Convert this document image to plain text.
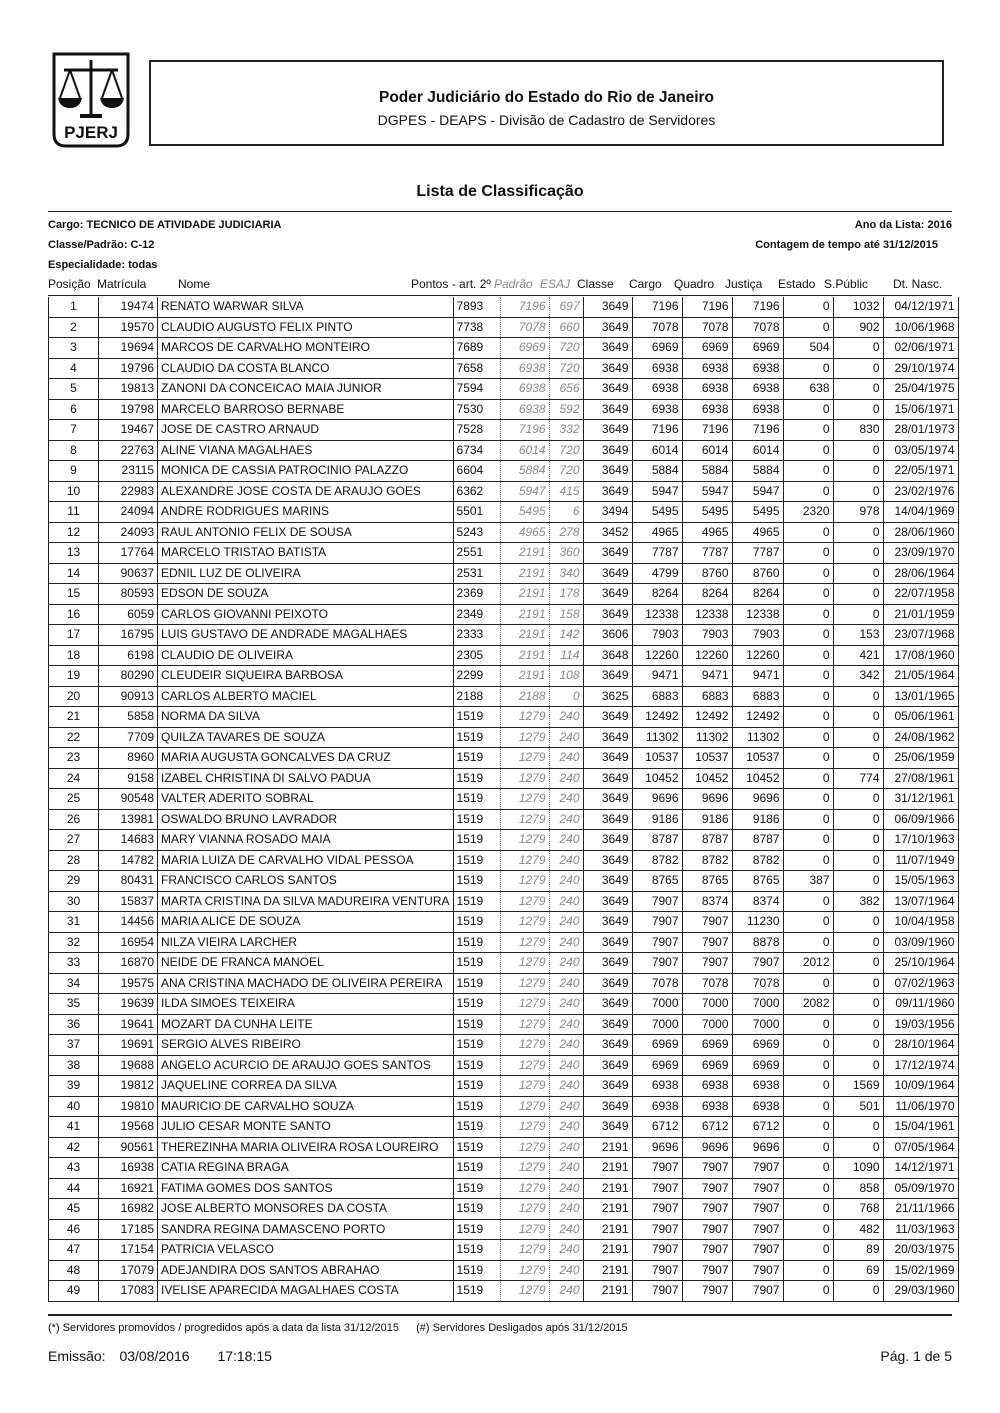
PJERJ
Poder Judiciário do Estado do Rio de Janeiro
DGPES - DEAPS - Divisão de Cadastro de Servidores
Lista de Classificação
Cargo: TECNICO DE ATIVIDADE JUDICIARIA	Ano da Lista: 2016
Classe/Padrão: C-12	Contagem de tempo até 31/12/2015
Especialidade: todas
Posição Matrícula	Nome	Pontos - art. 2º Padrão ESAJ Classe Cargo Quadro Justiça Estado S.Públic Dt. Nasc.
1	19474	RENATO WARWAR SILVA	7893	7196	697	3649	7196	7196	7196	0	1032	04/12/1971
2	19570	CLAUDIO AUGUSTO FELIX PINTO	7738	7078	660	3649	7078	7078	7078	0	902	10/06/1968
3	19694	MARCOS DE CARVALHO MONTEIRO	7689	6969	720	3649	6969	6969	6969	504	0	02/06/1971
4	19796	CLAUDIO DA COSTA BLANCO	7658	6938	720	3649	6938	6938	6938	0	0	29/10/1974
5	19813	ZANONI DA CONCEICAO MAIA JUNIOR	7594	6938	656	3649	6938	6938	6938	638	0	25/04/1975
6	19798	MARCELO BARROSO BERNABE	7530	6938	592	3649	6938	6938	6938	0	0	15/06/1971
7	19467	JOSE DE CASTRO ARNAUD	7528	7196	332	3649	7196	7196	7196	0	830	28/01/1973
8	22763	ALINE VIANA MAGALHAES	6734	6014	720	3649	6014	6014	6014	0	0	03/05/1974
9	23115	MONICA DE CASSIA PATROCINIO PALAZZO	6604	5884	720	3649	5884	5884	5884	0	0	22/05/1971
10	22983	ALEXANDRE JOSE COSTA DE ARAUJO GOES	6362	5947	415	3649	5947	5947	5947	0	0	23/02/1976
11	24094	ANDRE RODRIGUES MARINS	5501	5495	6	3494	5495	5495	5495	2320	978	14/04/1969
12	24093	RAUL ANTONIO FELIX DE SOUSA	5243	4965	278	3452	4965	4965	4965	0	0	28/06/1960
13	17764	MARCELO TRISTAO BATISTA	2551	2191	360	3649	7787	7787	7787	0	0	23/09/1970
14	90637	EDNIL LUZ DE OLIVEIRA	2531	2191	340	3649	4799	8760	8760	0	0	28/06/1964
15	80593	EDSON DE SOUZA	2369	2191	178	3649	8264	8264	8264	0	0	22/07/1958
16	6059	CARLOS GIOVANNI PEIXOTO	2349	2191	158	3649	12338	12338	12338	0	0	21/01/1959
17	16795	LUIS GUSTAVO DE ANDRADE MAGALHAES	2333	2191	142	3606	7903	7903	7903	0	153	23/07/1968
18	6198	CLAUDIO DE OLIVEIRA	2305	2191	114	3648	12260	12260	12260	0	421	17/08/1960
19	80290	CLEUDEIR SIQUEIRA BARBOSA	2299	2191	108	3649	9471	9471	9471	0	342	21/05/1964
20	90913	CARLOS ALBERTO MACIEL	2188	2188	0	3625	6883	6883	6883	0	0	13/01/1965
21	5858	NORMA DA SILVA	1519	1279	240	3649	12492	12492	12492	0	0	05/06/1961
22	7709	QUILZA TAVARES DE SOUZA	1519	1279	240	3649	11302	11302	11302	0	0	24/08/1962
23	8960	MARIA AUGUSTA GONCALVES DA CRUZ	1519	1279	240	3649	10537	10537	10537	0	0	25/06/1959
24	9158	IZABEL CHRISTINA DI SALVO PADUA	1519	1279	240	3649	10452	10452	10452	0	774	27/08/1961
25	90548	VALTER ADERITO SOBRAL	1519	1279	240	3649	9696	9696	9696	0	0	31/12/1961
26	13981	OSWALDO BRUNO LAVRADOR	1519	1279	240	3649	9186	9186	9186	0	0	06/09/1966
27	14683	MARY VIANNA ROSADO MAIA	1519	1279	240	3649	8787	8787	8787	0	0	17/10/1963
28	14782	MARIA LUIZA DE CARVALHO VIDAL PESSOA	1519	1279	240	3649	8782	8782	8782	0	0	11/07/1949
29	80431	FRANCISCO CARLOS SANTOS	1519	1279	240	3649	8765	8765	8765	387	0	15/05/1963
30	15837	MARTA CRISTINA DA SILVA MADUREIRA VENTURA	1519	1279	240	3649	7907	8374	8374	0	382	13/07/1964
31	14456	MARIA ALICE DE SOUZA	1519	1279	240	3649	7907	7907	11230	0	0	10/04/1958
32	16954	NILZA VIEIRA LARCHER	1519	1279	240	3649	7907	7907	8878	0	0	03/09/1960
33	16870	NEIDE DE FRANCA MANOEL	1519	1279	240	3649	7907	7907	7907	2012	0	25/10/1964
34	19575	ANA CRISTINA MACHADO DE OLIVEIRA PEREIRA	1519	1279	240	3649	7078	7078	7078	0	0	07/02/1963
35	19639	ILDA SIMOES TEIXEIRA	1519	1279	240	3649	7000	7000	7000	2082	0	09/11/1960
36	19641	MOZART DA CUNHA LEITE	1519	1279	240	3649	7000	7000	7000	0	0	19/03/1956
37	19691	SERGIO ALVES RIBEIRO	1519	1279	240	3649	6969	6969	6969	0	0	28/10/1964
38	19688	ANGELO ACURCIO DE ARAUJO GOES SANTOS	1519	1279	240	3649	6969	6969	6969	0	0	17/12/1974
39	19812	JAQUELINE CORREA DA SILVA	1519	1279	240	3649	6938	6938	6938	0	1569	10/09/1964
40	19810	MAURICIO DE CARVALHO SOUZA	1519	1279	240	3649	6938	6938	6938	0	501	11/06/1970
41	19568	JULIO CESAR MONTE SANTO	1519	1279	240	3649	6712	6712	6712	0	0	15/04/1961
42	90561	THEREZINHA MARIA OLIVEIRA ROSA LOUREIRO	1519	1279	240	2191	9696	9696	9696	0	0	07/05/1964
43	16938	CATIA REGINA BRAGA	1519	1279	240	2191	7907	7907	7907	0	1090	14/12/1971
44	16921	FATIMA GOMES DOS SANTOS	1519	1279	240	2191	7907	7907	7907	0	858	05/09/1970
45	16982	JOSE ALBERTO MONSORES DA COSTA	1519	1279	240	2191	7907	7907	7907	0	768	21/11/1966
46	17185	SANDRA REGINA DAMASCENO PORTO	1519	1279	240	2191	7907	7907	7907	0	482	11/03/1963
47	17154	PATRICIA VELASCO	1519	1279	240	2191	7907	7907	7907	0	89	20/03/1975
48	17079	ADEJANDIRA DOS SANTOS ABRAHAO	1519	1279	240	2191	7907	7907	7907	0	69	15/02/1969
49	17083	IVELISE APARECIDA MAGALHAES COSTA	1519	1279	240	2191	7907	7907	7907	0	0	29/03/1960
(*) Servidores promovidos / progredidos após a data da lista 31/12/2015 (#) Servidores Desligados após 31/12/2015
Emissão: 03/08/2016 17:18:15	Pág. 1 de 5
